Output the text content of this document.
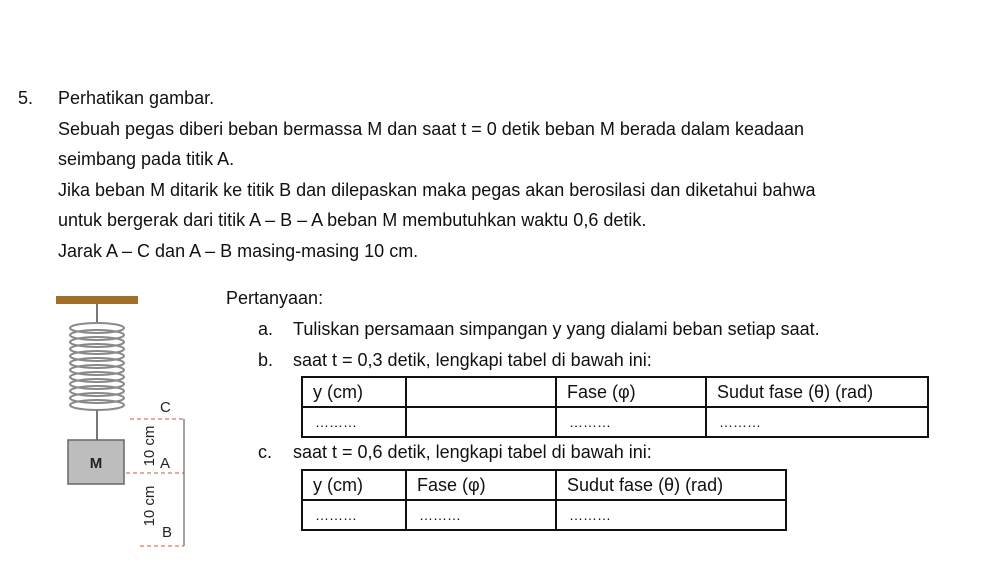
5. Perhatikan gambar.
Sebuah pegas diberi beban bermassa M dan saat t = 0 detik beban M berada dalam keadaan
seimbang pada titik A.
Jika beban M ditarik ke titik B dan dilepaskan maka pegas akan berosilasi dan diketahui bahwa
untuk bergerak dari titik A – B – A beban M membutuhkan waktu 0,6 detik.
Jarak A – C dan A – B masing-masing 10 cm.
M
C
A
B
10 cm
10 cm
Pertanyaan:
a. Tuliskan persamaan simpangan y yang dialami beban setiap saat.
b. saat t = 0,3 detik, lengkapi tabel di bawah ini:
y (cm)		Fase (φ)	Sudut fase (θ) (rad)
………		………	………
c. saat t = 0,6 detik, lengkapi tabel di bawah ini:
y (cm)	Fase (φ)	Sudut fase (θ) (rad)
………	………	………
